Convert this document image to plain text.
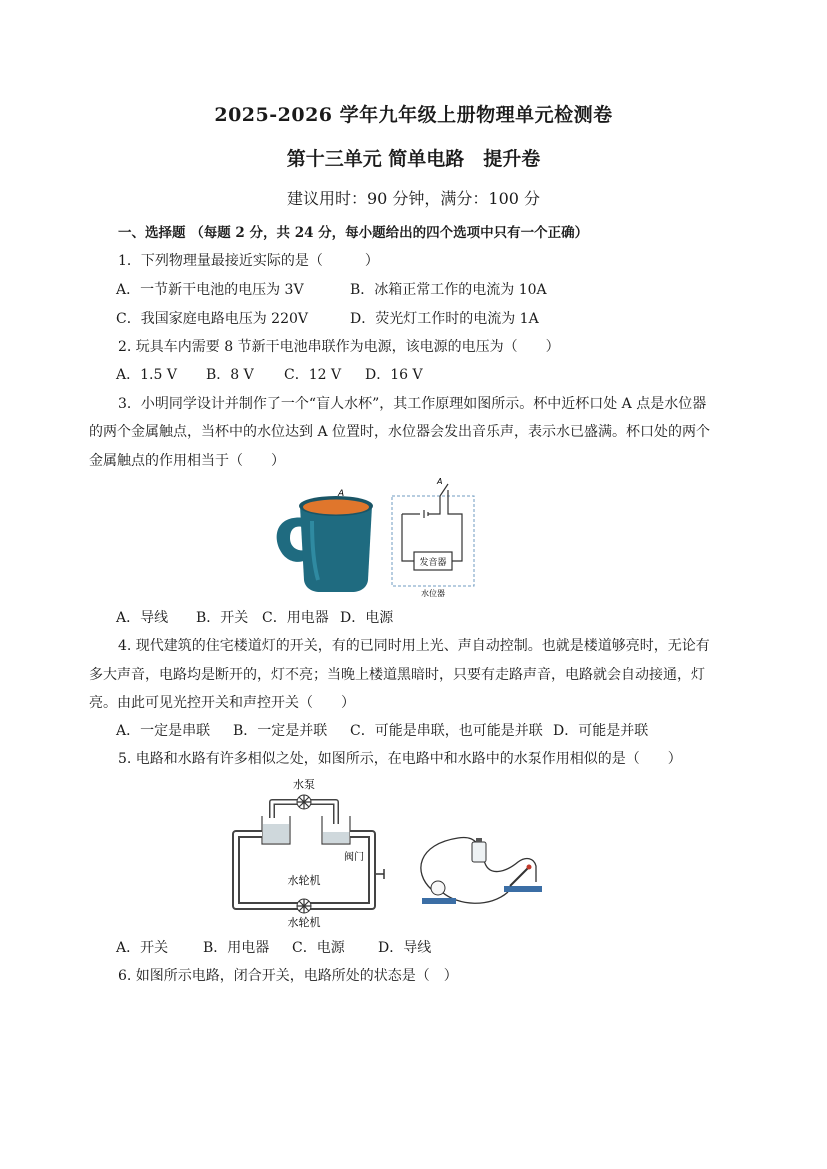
2025-2026 学年九年级上册物理单元检测卷
第十三单元 简单电路　提升卷
建议用时：90 分钟，满分：100 分
一、选择题 （每题 2 分，共 24 分，每小题给出的四个选项中只有一个正确）
1．下列物理量最接近实际的是（　　　）
A．一节新干电池的电压为 3V	B．冰箱正常工作的电流为 10A
C．我国家庭电路电压为 220V	D．荧光灯工作时的电流为 1A
2. 玩具车内需要 8 节新干电池串联作为电源，该电源的电压为（　　）
A．1.5 V B．8 V C．12 V D．16 V
3．小明同学设计并制作了一个“盲人水杯”，其工作原理如图所示。杯中近杯口处 A 点是水位器
的两个金属触点，当杯中的水位达到 A 位置时，水位器会发出音乐声，表示水已盛满。杯口处的两个
金属触点的作用相当于（　　）
A
A
发音器
水位器
A．导线 B．开关 C．用电器 D．电源
4. 现代建筑的住宅楼道灯的开关，有的已同时用上光、声自动控制。也就是楼道够亮时，无论有
多大声音，电路均是断开的，灯不亮；当晚上楼道黑暗时，只要有走路声音，电路就会自动接通，灯
亮。由此可见光控开关和声控开关（　　）
A．一定是串联 B．一定是并联 C．可能是串联，也可能是并联 D．可能是并联
5. 电路和水路有许多相似之处，如图所示，在电路中和水路中的水泵作用相似的是（　　）
水泵
阀门
水轮机
水轮机
A．开关 B．用电器 C．电源 D．导线
6. 如图所示电路，闭合开关，电路所处的状态是（　）
